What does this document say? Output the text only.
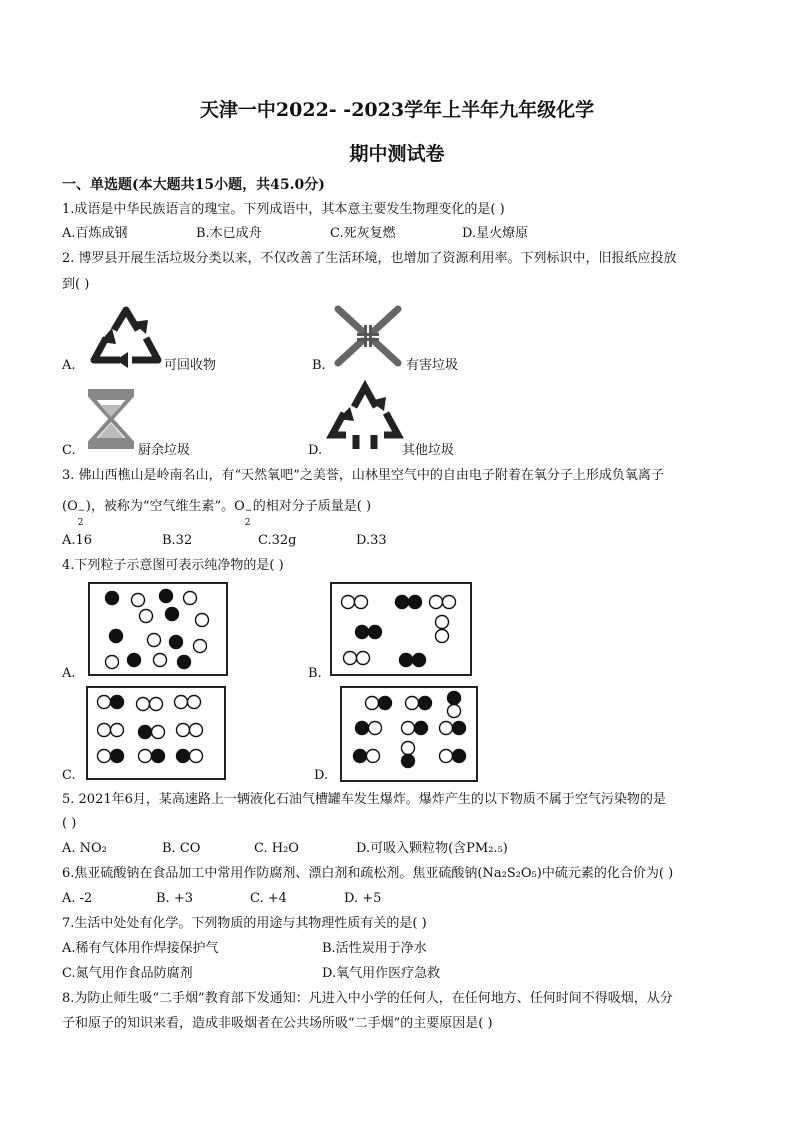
天津一中2022- -2023学年上半年九年级化学
期中测试卷
一、单选题(本大题共15小题，共45.0分)
1.成语是中华民族语言的瑰宝。下列成语中，其本意主要发生物理变化的是( )
A.百炼成钢	B.木已成舟	C.死灰复燃	D.星火燎原
2. 博罗县开展生活垃圾分类以来，不仅改善了生活环境，也增加了资源利用率。下列标识中，旧报纸应投放
到( )
A.	可回收物	B.	有害垃圾
C.	厨余垃圾	D.	其他垃圾
3. 佛山西樵山是岭南名山，有“天然氧吧”之美誉，山林里空气中的自由电子附着在氧分子上形成负氧离子
(O
2
− )，被称为“空气维生素”。O
2
− 的相对分子质量是( )
A.16	B.32	C.32g	D.33
4.下列粒子示意图可表示纯净物的是( )
A.	B.
C.	D.
5. 2021年6月，某高速路上一辆液化石油气槽罐车发生爆炸。爆炸产生的以下物质不属于空气污染物的是
( )
A. NO₂	B. CO	C. H₂O	D.可吸入颗粒物(含PM₂.₅)
6.焦亚硫酸钠在食品加工中常用作防腐剂、漂白剂和疏松剂。焦亚硫酸钠(Na₂S₂O₅)中硫元素的化合价为( )
A. -2	B. +3	C. +4	D. +5
7.生活中处处有化学。下列物质的用途与其物理性质有关的是( )
A.稀有气体用作焊接保护气	B.活性炭用于净水
C.氮气用作食品防腐剂	D.氧气用作医疗急救
8.为防止师生吸“二手烟”教育部下发通知：凡进入中小学的任何人，在任何地方、任何时间不得吸烟，从分
子和原子的知识来看，造成非吸烟者在公共场所吸“二手烟”的主要原因是( )
